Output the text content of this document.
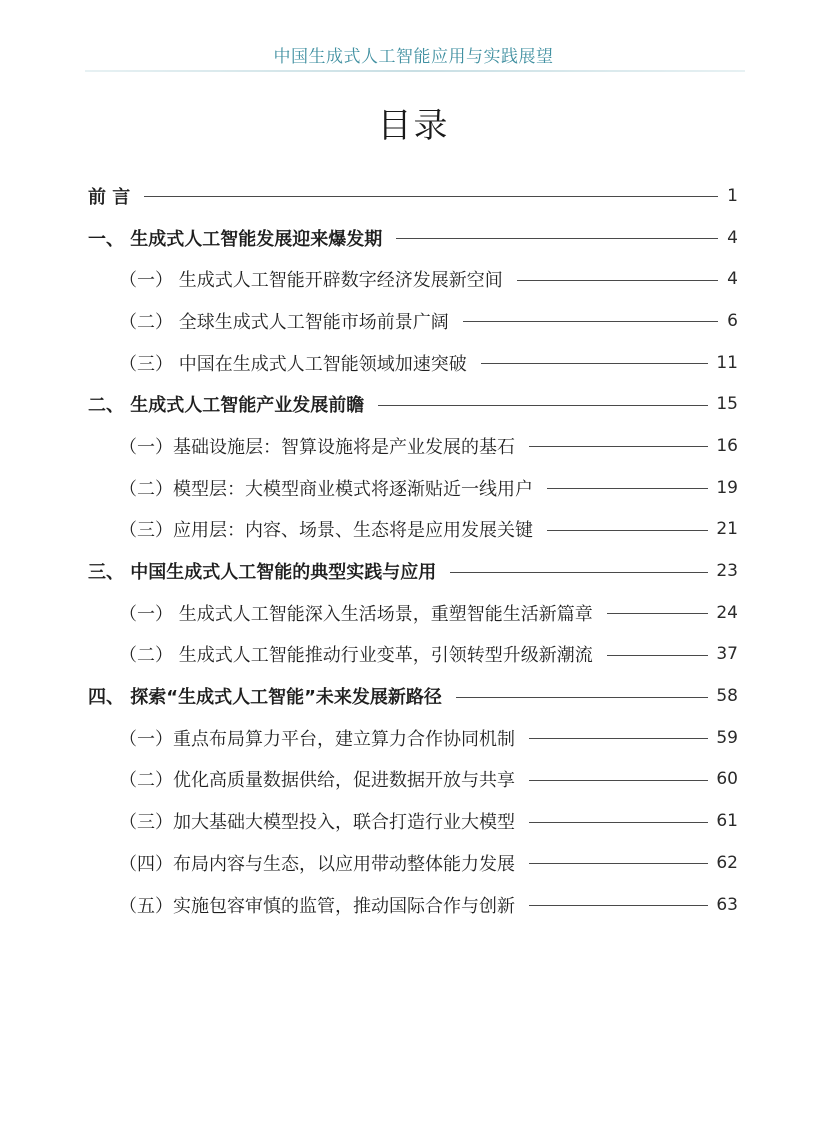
中国生成式人工智能应用与实践展望
目录
前 言	1
一、 生成式人工智能发展迎来爆发期	4
（一） 生成式人工智能开辟数字经济发展新空间	4
（二） 全球生成式人工智能市场前景广阔	6
（三） 中国在生成式人工智能领域加速突破	11
二、 生成式人工智能产业发展前瞻	15
（一）基础设施层：智算设施将是产业发展的基石	16
（二）模型层：大模型商业模式将逐渐贴近一线用户	19
（三）应用层：内容、场景、生态将是应用发展关键	21
三、 中国生成式人工智能的典型实践与应用	23
（一） 生成式人工智能深入生活场景，重塑智能生活新篇章	24
（二） 生成式人工智能推动行业变革，引领转型升级新潮流	37
四、 探索“生成式人工智能”未来发展新路径	58
（一）重点布局算力平台，建立算力合作协同机制	59
（二）优化高质量数据供给，促进数据开放与共享	60
（三）加大基础大模型投入，联合打造行业大模型	61
（四）布局内容与生态，以应用带动整体能力发展	62
（五）实施包容审慎的监管，推动国际合作与创新	63
